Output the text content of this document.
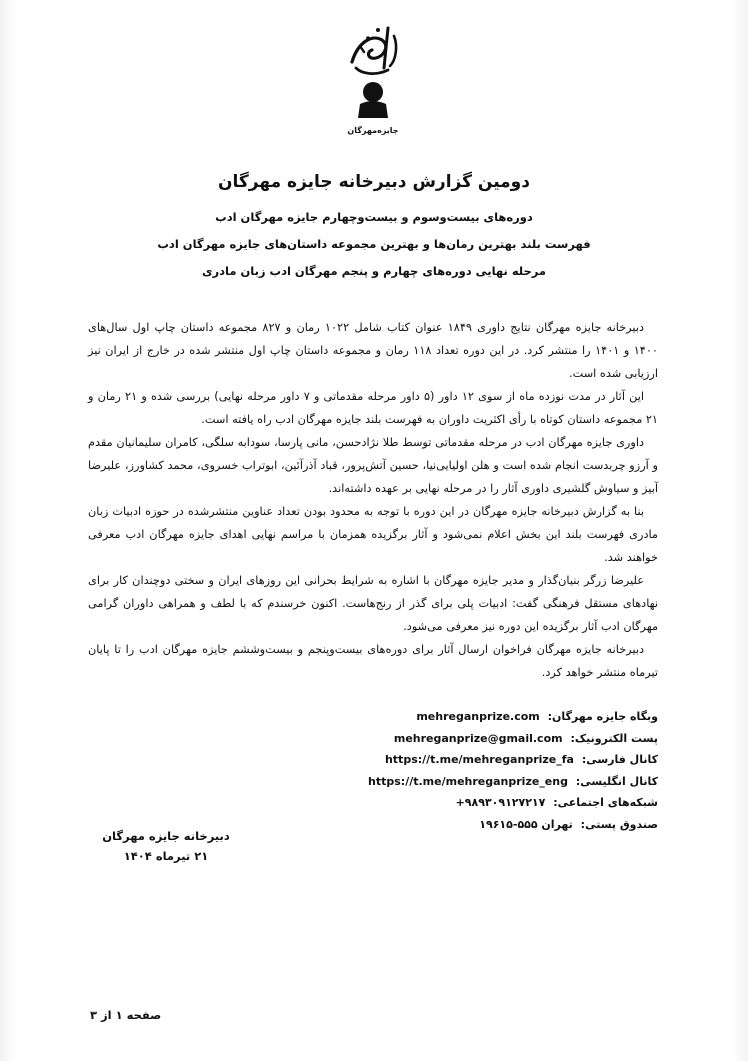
جایزه‌مهرگان
دومین گزارش دبیرخانه جایزه مهرگان
دوره‌های بیست‌وسوم و بیست‌وچهارم جایزه مهرگان ادب
فهرست بلند بهترین رمان‌ها و بهترین مجموعه داستان‌های جایزه مهرگان ادب
مرحله نهایی دوره‌های چهارم و پنجم مهرگان ادب زبان مادری

دبیرخانه جایزه مهرگان نتایج داوری ۱۸۴۹ عنوان کتاب شامل ۱۰۲۲ رمان و ۸۲۷ مجموعه داستان چاپ اول سال‌های ۱۴۰۰ و ۱۴۰۱ را منتشر کرد. در این دوره تعداد ۱۱۸ رمان و مجموعه داستان چاپ اول منتشر شده در خارج از ایران نیز ارزیابی شده است.

این آثار در مدت نوزده ماه از سوی ۱۲ داور (۵ داور مرحله مقدماتی و ۷ داور مرحله نهایی) بررسی شده و ۲۱ رمان و ۲۱ مجموعه داستان کوتاه با رأی اکثریت داوران به فهرست بلند جایزه مهرگان ادب راه یافته است.

داوری جایزه مهرگان ادب در مرحله مقدماتی توسط طلا نژادحسن، مانی پارسا، سودابه سلگی، کامران سلیمانیان مقدم و آرزو چربدست انجام شده است و هلن اولیایی‌نیا، حسین آتش‌پرور، قباد آذرآئین، ابوتراب خسروی، محمد کشاورز، علیرضا آبیز و سیاوش گلشیری داوری آثار را در مرحله نهایی بر عهده داشته‌اند.

بنا به گزارش دبیرخانه جایزه مهرگان در این دوره با توجه به محدود بودن تعداد عناوین منتشرشده در حوزه ادبیات زبان مادری فهرست بلند این بخش اعلام نمی‌شود و آثار برگزیده همزمان با مراسم نهایی اهدای جایزه مهرگان ادب معرفی خواهند شد.

علیرضا زرگر بنیان‌گذار و مدیر جایزه مهرگان با اشاره به شرایط بحرانی این روزهای ایران و سختی دوچندان کار برای نهادهای مستقل فرهنگی گفت: ادبیات پلی برای گذر از رنج‌هاست. اکنون خرسندم که با لطف و همراهی داوران گرامی مهرگان ادب آثار برگزیده این دوره نیز معرفی می‌شود.

دبیرخانه جایزه مهرگان فراخوان ارسال آثار برای دوره‌های بیست‌وپنجم و بیست‌وششم جایزه مهرگان ادب را تا پایان تیرماه منتشر خواهد کرد.

وبگاه جایزه مهرگان: mehreganprize.com
پست الکترونیک: mehreganprize@gmail.com
کانال فارسی: https://t.me/mehreganprize_fa
کانال انگلیسی: https://t.me/mehreganprize_eng
شبکه‌های اجتماعی: +۹۸۹۳۰۹۱۲۷۲۱۷
صندوق پستی: تهران ۵۵۵-۱۹۶۱۵
دبیرخانه جایزه مهرگان
۲۱ تیرماه ۱۴۰۴
صفحه ۱ از ۳
